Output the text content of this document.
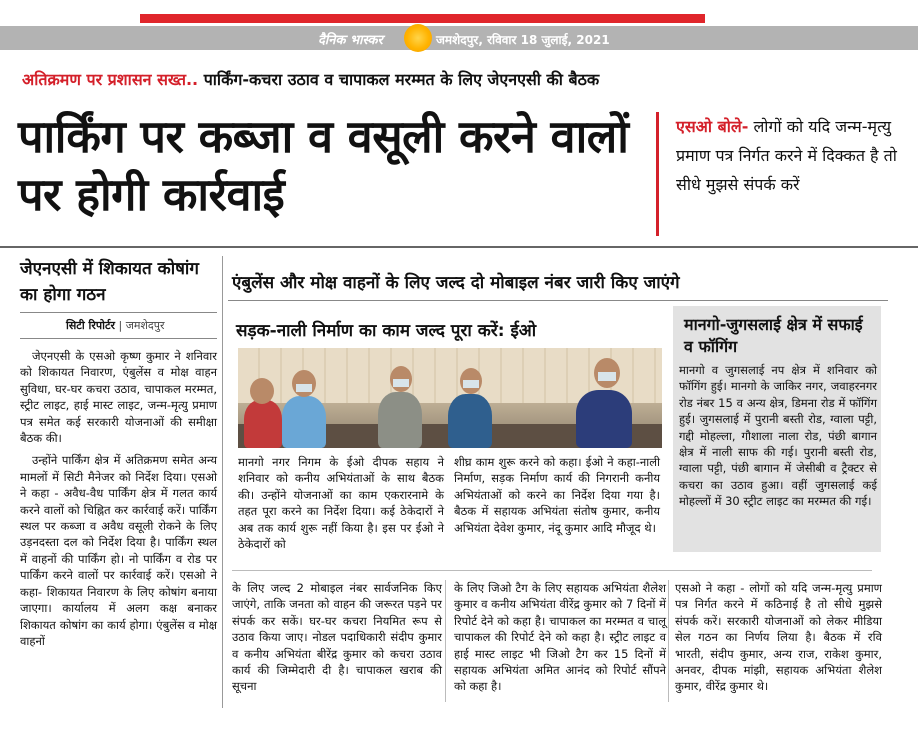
दैनिक भास्कर	जमशेदपुर, रविवार 18 जुलाई, 2021
अतिक्रमण पर प्रशासन सख्त.. पार्किंग-कचरा उठाव व चापाकल मरम्मत के लिए जेएनएसी की बैठक
पार्किंग पर कब्जा व वसूली करने वालों पर होगी कार्रवाई
एसओ बोले- लोगों को यदि जन्म-मृत्यु प्रमाण पत्र निर्गत करने में दिक्कत है तो सीधे मुझसे संपर्क करें
जेएनएसी में शिकायत कोषांग का होगा गठन
सिटी रिपोर्टर | जमशेदपुर

जेएनएसी के एसओ कृष्ण कुमार ने शनिवार को शिकायत निवारण, एंबुलेंस व मोक्ष वाहन सुविधा, घर-घर कचरा उठाव, चापाकल मरम्मत, स्ट्रीट लाइट, हाई मास्ट लाइट, जन्म-मृत्यु प्रमाण पत्र समेत कई सरकारी योजनाओं की समीक्षा बैठक की।

उन्होंने पार्किंग क्षेत्र में अतिक्रमण समेत अन्य मामलों में सिटी मैनेजर को निर्देश दिया। एसओ ने कहा - अवैध-वैध पार्किंग क्षेत्र में गलत कार्य करने वालों को चिह्नित कर कार्रवाई करें। पार्किंग स्थल पर कब्जा व अवैध वसूली रोकने के लिए उड़नदस्ता दल को निर्देश दिया है। पार्किंग स्थल में वाहनों की पार्किंग हो। नो पार्किंग व रोड पर पार्किंग करने वालों पर कार्रवाई करें। एसओ ने कहा- शिकायत निवारण के लिए कोषांग बनाया जाएगा। कार्यालय में अलग कक्ष बनाकर शिकायत कोषांग का कार्य होगा। एंबुलेंस व मोक्ष वाहनों

एंबुलेंस और मोक्ष वाहनों के लिए जल्द दो मोबाइल नंबर जारी किए जाएंगे
सड़क-नाली निर्माण का काम जल्द पूरा करें: ईओ
मानगो नगर निगम के ईओ दीपक सहाय ने शनिवार को कनीय अभियंताओं के साथ बैठक की। उन्होंने योजनाओं का काम एकरारनामे के तहत पूरा करने का निर्देश दिया। कई ठेकेदारों ने अब तक कार्य शुरू नहीं किया है। इस पर ईओ ने ठेकेदारों को
शीघ्र काम शुरू करने को कहा। ईओ ने कहा-नाली निर्माण, सड़क निर्माण कार्य की निगरानी कनीय अभियंताओं को करने का निर्देश दिया गया है। बैठक में सहायक अभियंता संतोष कुमार, कनीय अभियंता देवेश कुमार, नंदू कुमार आदि मौजूद थे।
मानगो-जुगसलाई क्षेत्र में सफाई व फॉगिंग
मानगो व जुगसलाई नप क्षेत्र में शनिवार को फॉगिंग हुई। मानगो के जाकिर नगर, जवाहरनगर रोड नंबर 15 व अन्य क्षेत्र, डिमना रोड में फॉगिंग हुई। जुगसलाई में पुरानी बस्ती रोड, ग्वाला पट्टी, गद्दी मोहल्ला, गौशाला नाला रोड, पंछी बागान क्षेत्र में नाली साफ की गई। पुरानी बस्ती रोड, ग्वाला पट्टी, पंछी बागान में जेसीबी व ट्रैक्टर से कचरा का उठाव हुआ। वहीं जुगसलाई कई मोहल्लों में 30 स्ट्रीट लाइट का मरम्मत की गई।
के लिए जल्द 2 मोबाइल नंबर सार्वजनिक किए जाएंगे, ताकि जनता को वाहन की जरूरत पड़ने पर संपर्क कर सकें। घर-घर कचरा नियमित रूप से उठाव किया जाए। नोडल पदाधिकारी संदीप कुमार व कनीय अभियंता बीरेंद्र कुमार को कचरा उठाव कार्य की जिम्मेदारी दी है। चापाकल खराब की सूचना
के लिए जिओ टैग के लिए सहायक अभियंता शैलेश कुमार व कनीय अभियंता वीरेंद्र कुमार को 7 दिनों में रिपोर्ट देने को कहा है। चापाकल का मरम्मत व चालू चापाकल की रिपोर्ट देने को कहा है। स्ट्रीट लाइट व हाई मास्ट लाइट भी जिओ टैग कर 15 दिनों में सहायक अभियंता अमित आनंद को रिपोर्ट सौंपने को कहा है।
एसओ ने कहा - लोगों को यदि जन्म-मृत्यु प्रमाण पत्र निर्गत करने में कठिनाई है तो सीधे मुझसे संपर्क करें। सरकारी योजनाओं को लेकर मीडिया सेल गठन का निर्णय लिया है। बैठक में रवि भारती, संदीप कुमार, अन्य राज, राकेश कुमार, अनवर, दीपक मांझी, सहायक अभियंता शैलेश कुमार, वीरेंद्र कुमार थे।
